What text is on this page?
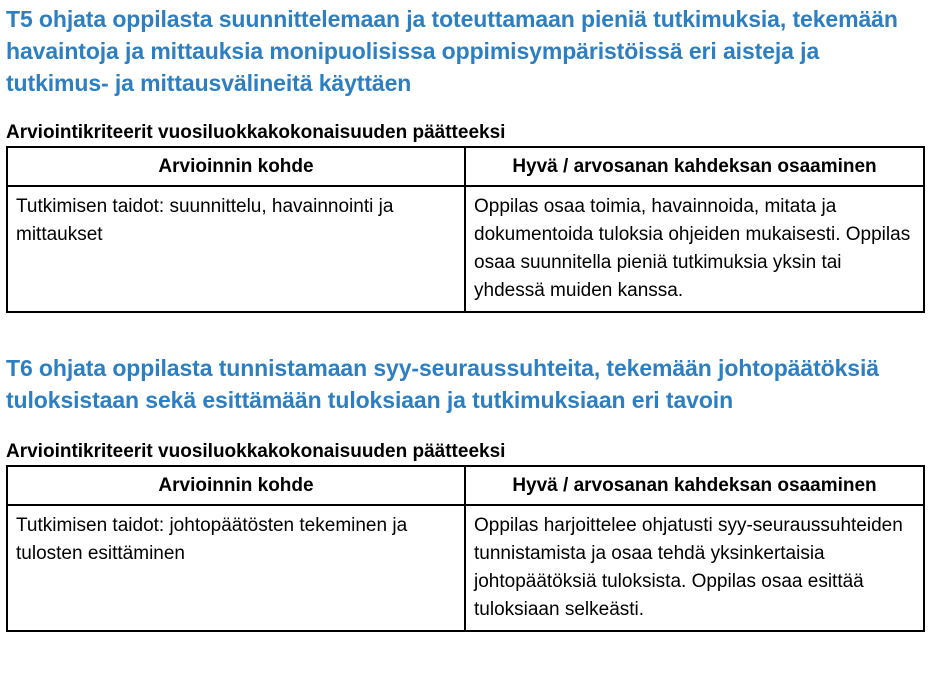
T5 ohjata oppilasta suunnittelemaan ja toteuttamaan pieniä tutkimuksia, tekemään havaintoja ja mittauksia monipuolisissa oppimisympäristöissä eri aisteja ja tutkimus- ja mittausvälineitä käyttäen
Arviointikriteerit vuosiluokkakokonaisuuden päätteeksi
Arvioinnin kohde	Hyvä / arvosanan kahdeksan osaaminen
Tutkimisen taidot: suunnittelu, havainnointi ja mittaukset	Oppilas osaa toimia, havainnoida, mitata ja dokumentoida tuloksia ohjeiden mukaisesti. Oppilas osaa suunnitella pieniä tutkimuksia yksin tai yhdessä muiden kanssa.
T6 ohjata oppilasta tunnistamaan syy-seuraussuhteita, tekemään johtopäätöksiä tuloksistaan sekä esittämään tuloksiaan ja tutkimuksiaan eri tavoin
Arviointikriteerit vuosiluokkakokonaisuuden päätteeksi
Arvioinnin kohde	Hyvä / arvosanan kahdeksan osaaminen
Tutkimisen taidot: johtopäätösten tekeminen ja tulosten esittäminen	Oppilas harjoittelee ohjatusti syy-seuraussuhteiden tunnistamista ja osaa tehdä yksinkertaisia johtopäätöksiä tuloksista. Oppilas osaa esittää tuloksiaan selkeästi.
